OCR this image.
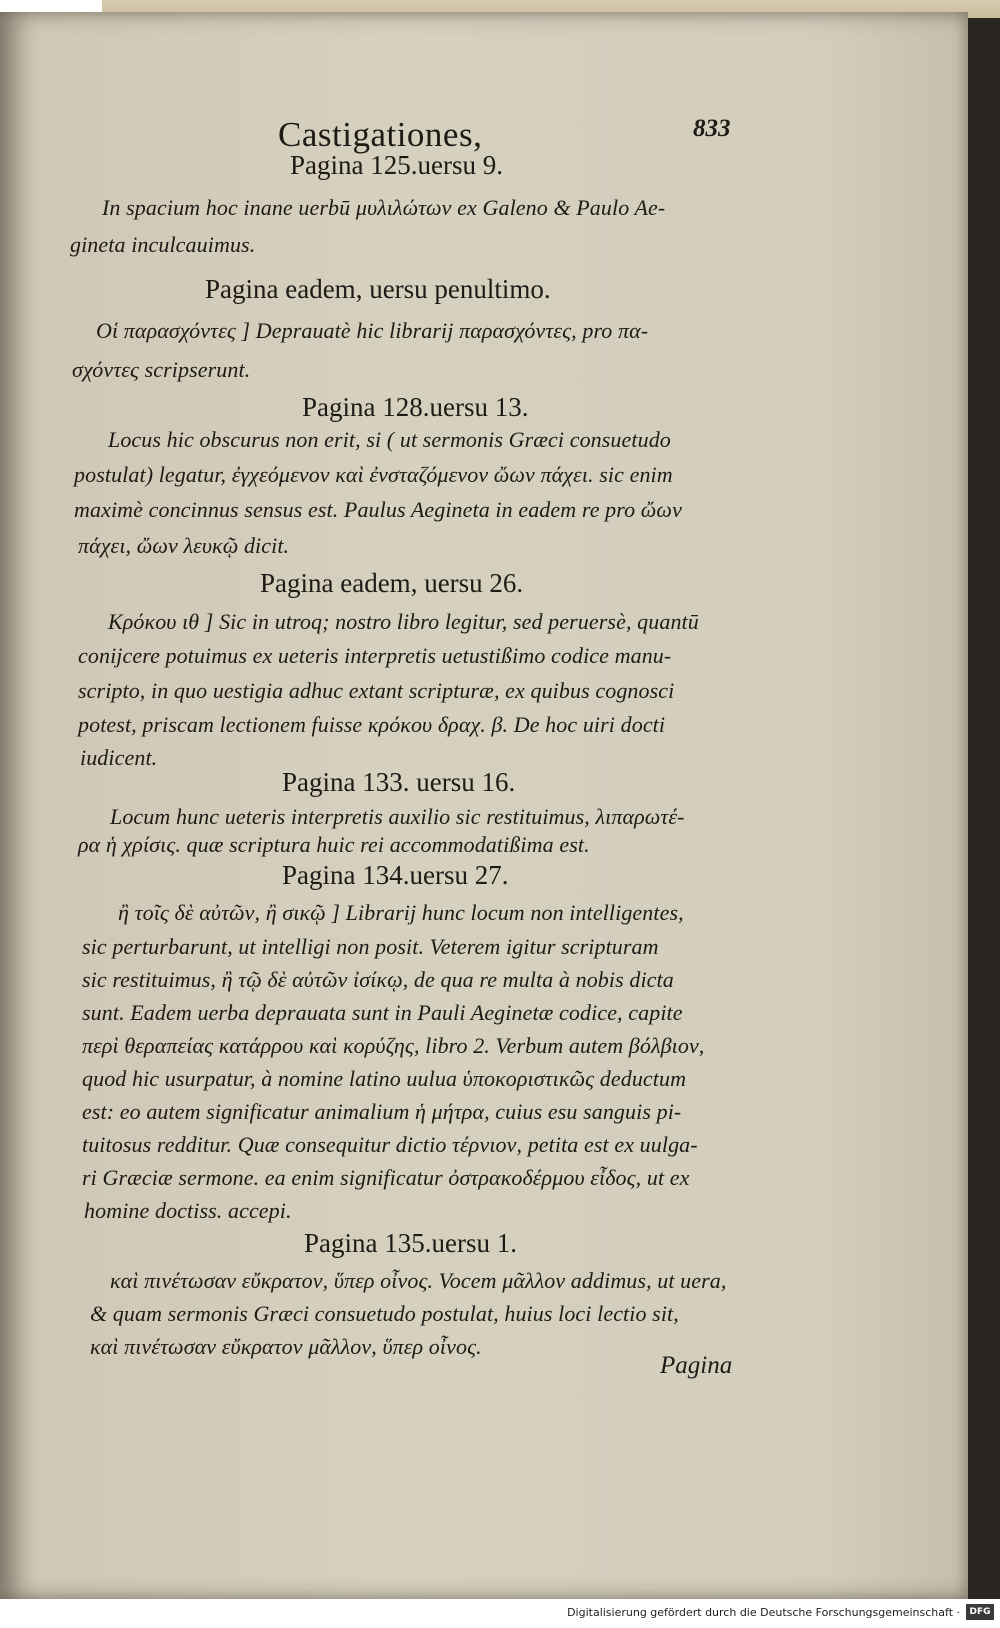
Castigationes,	833
Pagina 125.uersu 9.
In spacium hoc inane uerbū μυλιλώτων ex Galeno & Paulo Ae-
gineta inculcauimus.
Pagina eadem, uersu penultimo.
Oἱ παρασχόντες ] Deprauatè hic librarij παρασχόντες, pro πα-
σχόντες scripserunt.
Pagina 128.uersu 13.
Locus hic obscurus non erit, si ( ut sermonis Græci consuetudo
postulat) legatur, ἐγχεόμενον καὶ ἐνσταζόμενον ὤων πάχει. sic enim
maximè concinnus sensus est. Paulus Aegineta in eadem re pro ὤων
πάχει, ὤων λευκῷ dicit.
Pagina eadem, uersu 26.
Κρόκου ιθ ] Sic in utroq; nostro libro legitur, sed peruersè, quantū
conijcere potuimus ex ueteris interpretis uetustißimo codice manu-
scripto, in quo uestigia adhuc extant scripturæ, ex quibus cognosci
potest, priscam lectionem fuisse κρόκου δραχ. β. De hoc uiri docti
iudicent.
Pagina 133. uersu 16.
Locum hunc ueteris interpretis auxilio sic restituimus, λιπαρωτέ-
ρα ἡ χρίσις. quæ scriptura huic rei accommodatißima est.
Pagina 134.uersu 27.
ἢ τοῖς δὲ αὐτῶν, ἢ σικῷ ] Librarij hunc locum non intelligentes,
sic perturbarunt, ut intelligi non posit. Veterem igitur scripturam
sic restituimus, ἢ τῷ δὲ αὐτῶν ἰσίκῳ, de qua re multa à nobis dicta
sunt. Eadem uerba deprauata sunt in Pauli Aeginetæ codice, capite
περὶ θεραπείας κατάρρου καὶ κορύζης, libro 2. Verbum autem βόλβιον,
quod hic usurpatur, à nomine latino uulua ὑποκοριστικῶς deductum
est: eo autem significatur animalium ἡ μήτρα, cuius esu sanguis pi-
tuitosus redditur. Quæ consequitur dictio τέρνιον, petita est ex uulga-
ri Græciæ sermone. ea enim significatur ὀστρακοδέρμου εἶδος, ut ex
homine doctiss. accepi.
Pagina 135.uersu 1.
καὶ πινέτωσαν εὔκρατον, ὕπερ οἶνος. Vocem μᾶλλον addimus, ut uera,
& quam sermonis Græci consuetudo postulat, huius loci lectio sit,
καὶ πινέτωσαν εὔκρατον μᾶλλον, ὕπερ οἶνος.
Pagina
Digitalisierung gefördert durch die Deutsche Forschungsgemeinschaft ·	DFG
